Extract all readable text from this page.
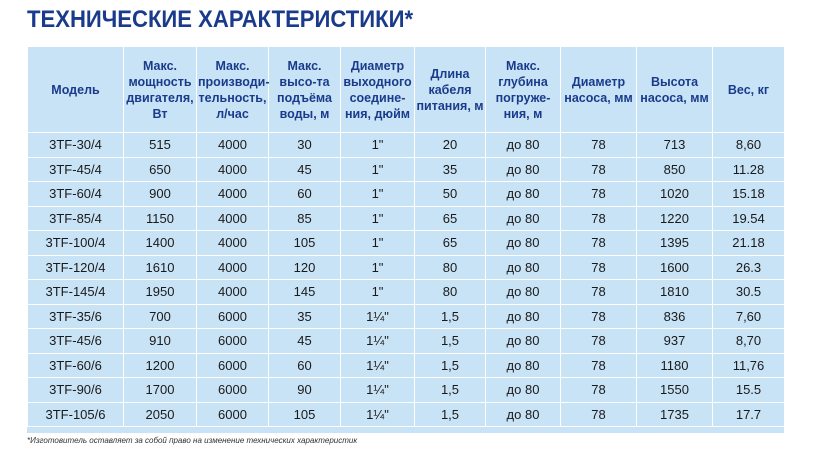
ТЕХНИЧЕСКИЕ ХАРАКТЕРИСТИКИ*
Модель	Макс. мощность двигателя, Вт	Макс. производи-тельность, л/час	Макс. высо-та подъёма воды, м	Диаметр выходного соедине-ния, дюйм	Длина кабеля питания, м	Макс. глубина погруже-ния, м	Диаметр насоса, мм	Высота насоса, мм	Вес, кг
3TF-30/4	515	4000	30	1"	20	до 80	78	713	8,60
3TF-45/4	650	4000	45	1"	35	до 80	78	850	11.28
3TF-60/4	900	4000	60	1"	50	до 80	78	1020	15.18
3TF-85/4	1150	4000	85	1"	65	до 80	78	1220	19.54
3TF-100/4	1400	4000	105	1"	65	до 80	78	1395	21.18
3TF-120/4	1610	4000	120	1"	80	до 80	78	1600	26.3
3TF-145/4	1950	4000	145	1"	80	до 80	78	1810	30.5
3TF-35/6	700	6000	35	1¼"	1,5	до 80	78	836	7,60
3TF-45/6	910	6000	45	1¼"	1,5	до 80	78	937	8,70
3TF-60/6	1200	6000	60	1¼"	1,5	до 80	78	1180	11,76
3TF-90/6	1700	6000	90	1¼"	1,5	до 80	78	1550	15.5
3TF-105/6	2050	6000	105	1¼"	1,5	до 80	78	1735	17.7
*Изготовитель оставляет за собой право на изменение технических характеристик
